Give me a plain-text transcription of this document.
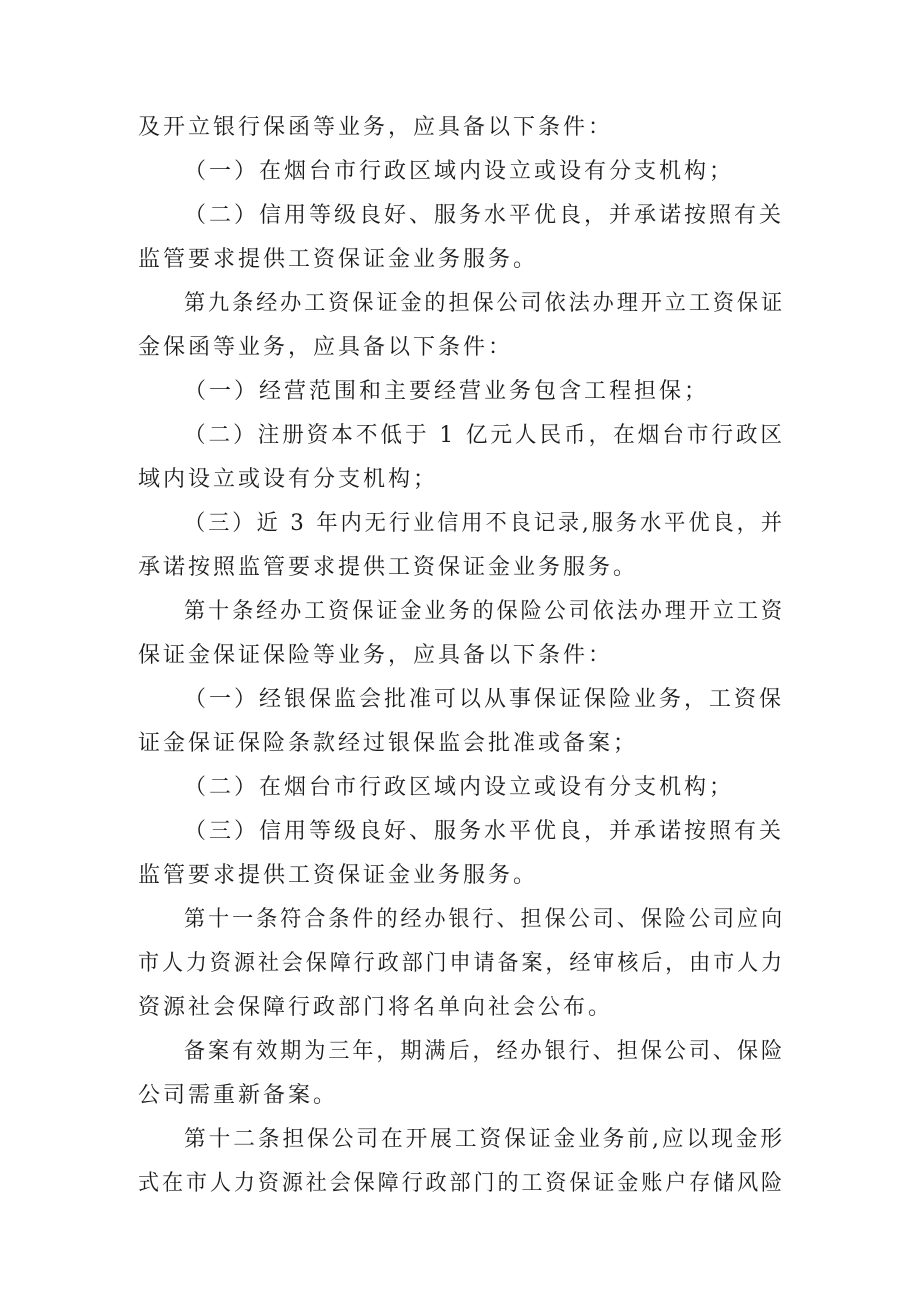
及开立银行保函等业务，应具备以下条件：
（一）在烟台市行政区域内设立或设有分支机构；
（二）信用等级良好、服务水平优良，并承诺按照有关
监管要求提供工资保证金业务服务。
第九条经办工资保证金的担保公司依法办理开立工资保证
金保函等业务，应具备以下条件：
（一）经营范围和主要经营业务包含工程担保；
（二）注册资本不低于 1 亿元人民币，在烟台市行政区
域内设立或设有分支机构；
（三）近 3 年内无行业信用不良记录,服务水平优良，并
承诺按照监管要求提供工资保证金业务服务。
第十条经办工资保证金业务的保险公司依法办理开立工资
保证金保证保险等业务，应具备以下条件：
（一）经银保监会批准可以从事保证保险业务，工资保
证金保证保险条款经过银保监会批准或备案；
（二）在烟台市行政区域内设立或设有分支机构；
（三）信用等级良好、服务水平优良，并承诺按照有关
监管要求提供工资保证金业务服务。
第十一条符合条件的经办银行、担保公司、保险公司应向
市人力资源社会保障行政部门申请备案，经审核后，由市人力
资源社会保障行政部门将名单向社会公布。
备案有效期为三年，期满后，经办银行、担保公司、保险
公司需重新备案。
第十二条担保公司在开展工资保证金业务前,应以现金形
式在市人力资源社会保障行政部门的工资保证金账户存储风险
